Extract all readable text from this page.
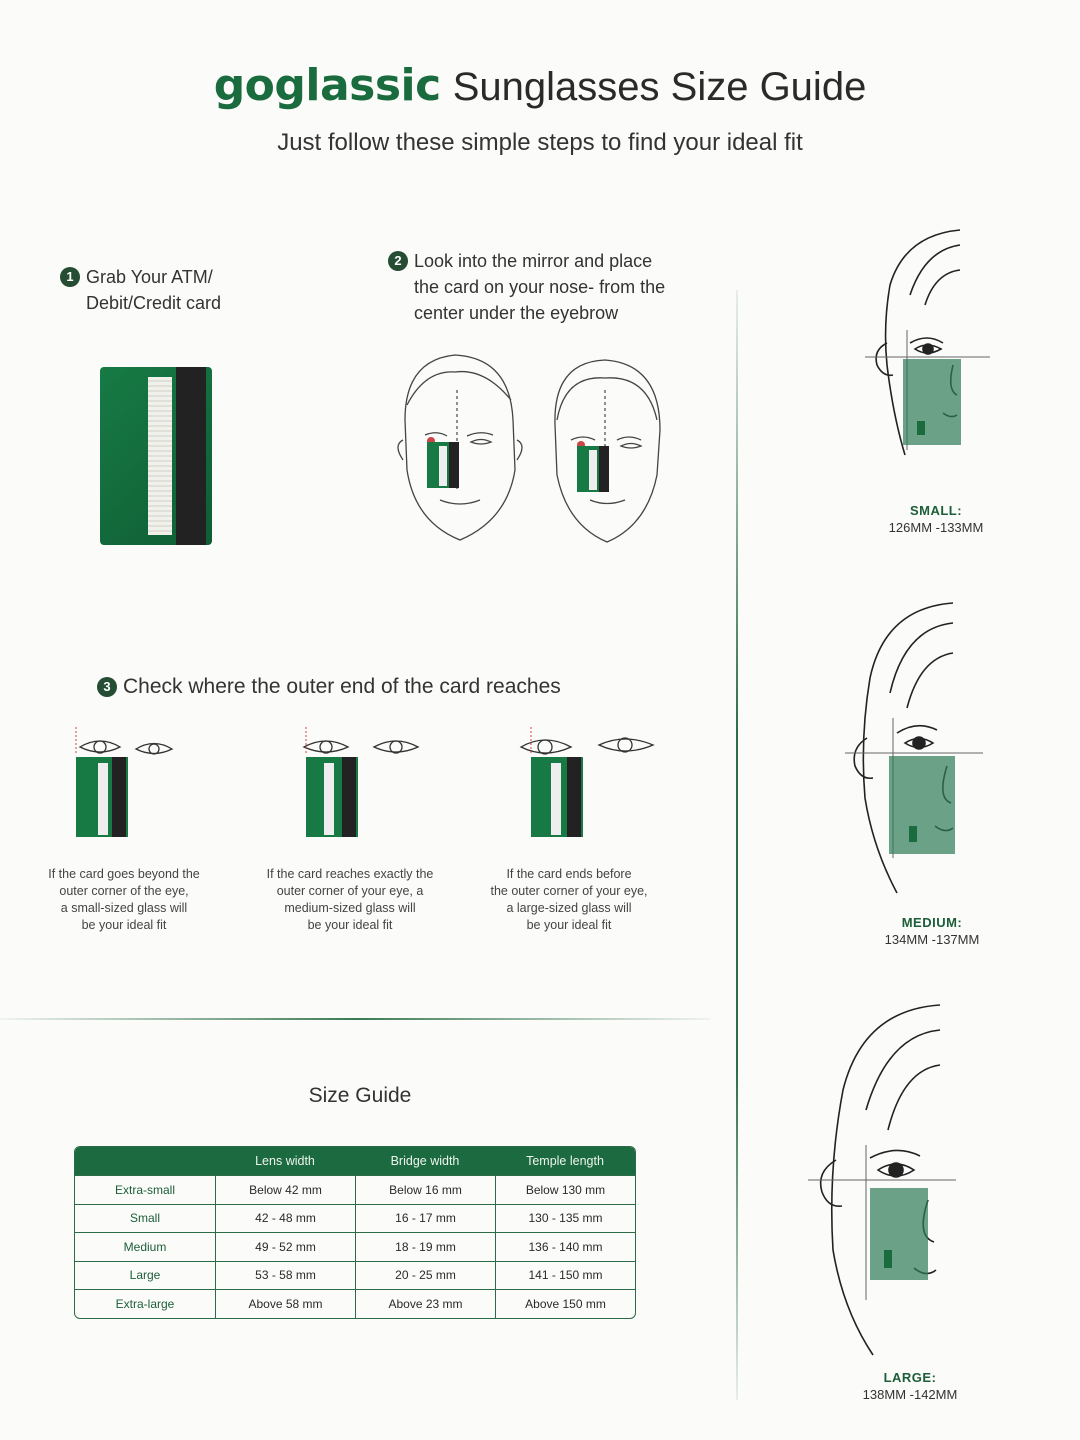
goglassic Sunglasses Size Guide
Just follow these simple steps to find your ideal fit
1 Grab Your ATM/
Debit/Credit card
2 Look into the mirror and place
the card on your nose- from the
center under the eyebrow
3 Check where the outer end of the card reaches
If the card goes beyond the
outer corner of the eye,
a small-sized glass will
be your ideal fit
If the card reaches exactly the
outer corner of your eye, a
medium-sized glass will
be your ideal fit
If the card ends before
the outer corner of your eye,
a large-sized glass will
be your ideal fit
Size Guide
	Lens width	Bridge width	Temple length
Extra-small	Below 42 mm	Below 16 mm	Below 130 mm
Small	42 - 48 mm	16 - 17 mm	130 - 135 mm
Medium	49 - 52 mm	18 - 19 mm	136 - 140 mm
Large	53 - 58 mm	20 - 25 mm	141 - 150 mm
Extra-large	Above 58 mm	Above 23 mm	Above 150 mm
SMALL:
126MM -133MM
MEDIUM:
134MM -137MM
LARGE:
138MM -142MM
